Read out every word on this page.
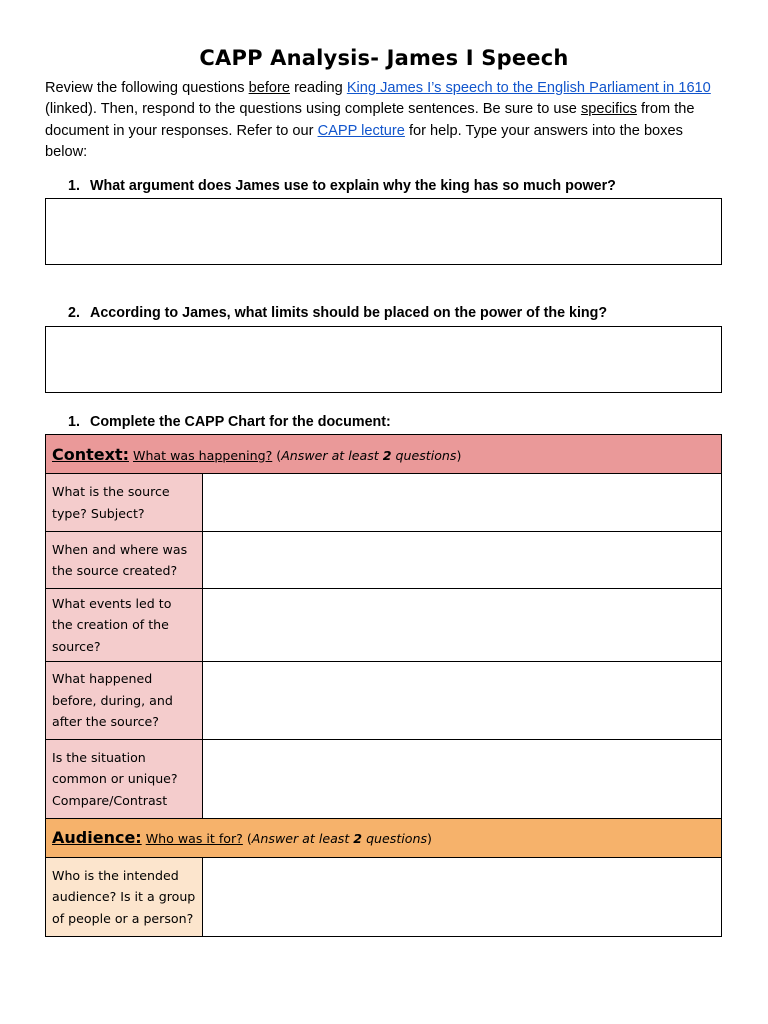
CAPP Analysis- James I Speech
Review the following questions before reading King James I’s speech to the English Parliament in 1610 (linked). Then, respond to the questions using complete sentences. Be sure to use specifics from the document in your responses. Refer to our CAPP lecture for help. Type your answers into the boxes below:
1. What argument does James use to explain why the king has so much power?
2. According to James, what limits should be placed on the power of the king?
1. Complete the CAPP Chart for the document:
Context: What was happening? (Answer at least 2 questions)	
What is the source type? Subject?	
When and where was the source created?	
What events led to the creation of the source?	
What happened before, during, and after the source?	
Is the situation common or unique? Compare/Contrast	
Audience: Who was it for? (Answer at least 2 questions)	
Who is the intended audience? Is it a group of people or a person?	
